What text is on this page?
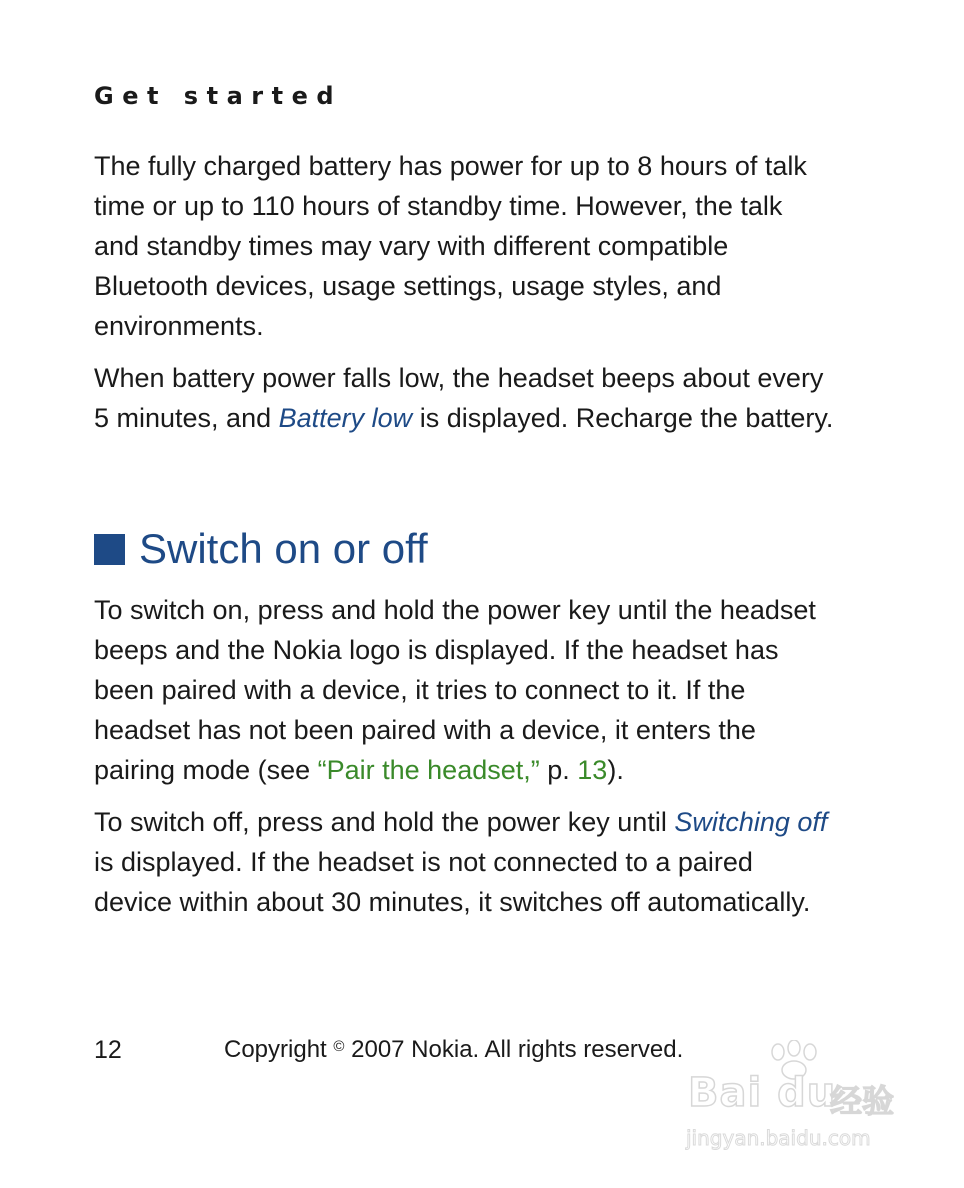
Get started

The fully charged battery has power for up to 8 hours of talk time or up to 110 hours of standby time. However, the talk and standby times may vary with different compatible Bluetooth devices, usage settings, usage styles, and environments.

When battery power falls low, the headset beeps about every 5 minutes, and Battery low is displayed. Recharge the battery.

Switch on or off

To switch on, press and hold the power key until the headset beeps and the Nokia logo is displayed. If the headset has been paired with a device, it tries to connect to it. If the headset has not been paired with a device, it enters the pairing mode (see “Pair the headset,” p. 13).

To switch off, press and hold the power key until Switching off is displayed. If the headset is not connected to a paired device within about 30 minutes, it switches off automatically.

12	Copyright © 2007 Nokia. All rights reserved.
Bai du
经验
jingyan.baidu.com
